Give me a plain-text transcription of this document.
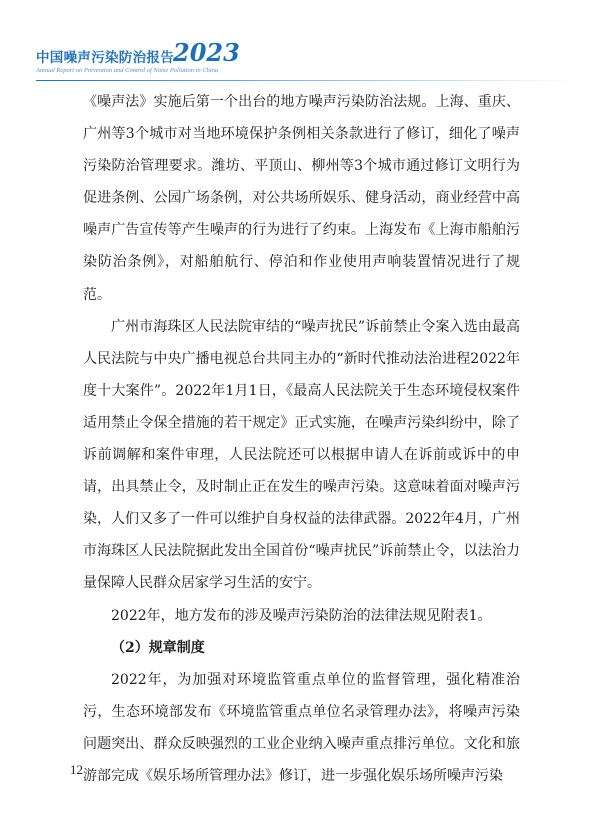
中国噪声污染防治报告 2023
Annual Report on Prevention and Control of Noise Pollution in China

《噪声法》实施后第一个出台的地方噪声污染防治法规。上海、重庆、广州等3个城市对当地环境保护条例相关条款进行了修订，细化了噪声污染防治管理要求。潍坊、平顶山、柳州等3个城市通过修订文明行为促进条例、公园广场条例，对公共场所娱乐、健身活动，商业经营中高噪声广告宣传等产生噪声的行为进行了约束。上海发布《上海市船舶污染防治条例》，对船舶航行、停泊和作业使用声响装置情况进行了规范。

广州市海珠区人民法院审结的“噪声扰民”诉前禁止令案入选由最高人民法院与中央广播电视总台共同主办的“新时代推动法治进程2022年度十大案件”。2022年1月1日，《最高人民法院关于生态环境侵权案件适用禁止令保全措施的若干规定》正式实施，在噪声污染纠纷中，除了诉前调解和案件审理，人民法院还可以根据申请人在诉前或诉中的申请，出具禁止令，及时制止正在发生的噪声污染。这意味着面对噪声污染，人们又多了一件可以维护自身权益的法律武器。2022年4月，广州市海珠区人民法院据此发出全国首份“噪声扰民”诉前禁止令，以法治力量保障人民群众居家学习生活的安宁。

2022年，地方发布的涉及噪声污染防治的法律法规见附表1。

（2）规章制度

2022年，为加强对环境监管重点单位的监督管理，强化精准治污，生态环境部发布《环境监管重点单位名录管理办法》，将噪声污染问题突出、群众反映强烈的工业企业纳入噪声重点排污单位。文化和旅游部完成《娱乐场所管理办法》修订，进一步强化娱乐场所噪声污染

12
